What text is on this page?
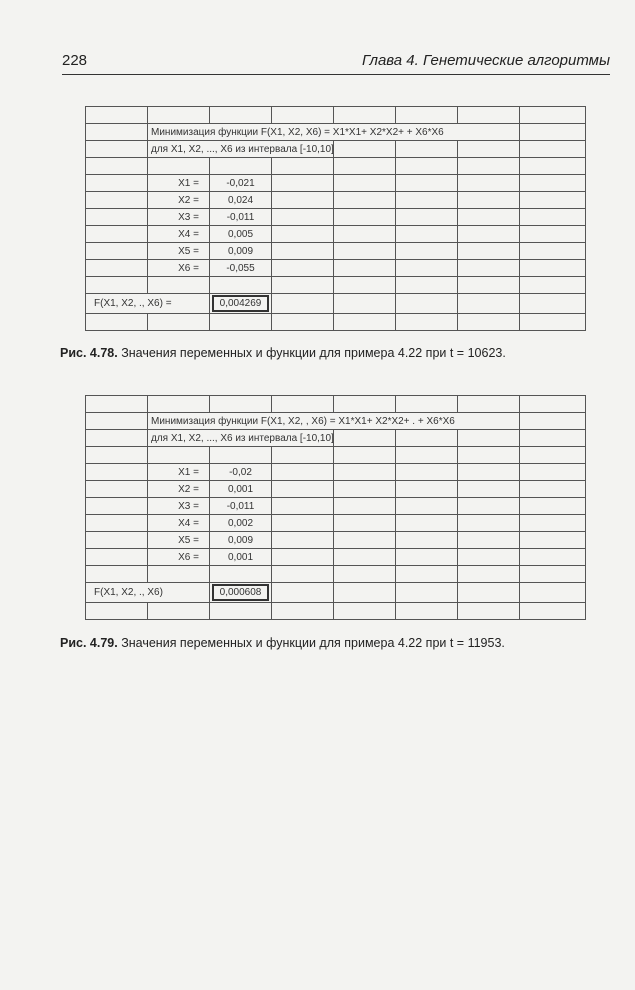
228	Глава 4. Генетические алгоритмы

	Минимизация функции F(X1, X2, X6) = X1*X1+ X2*X2+ + X6*X6						
	для X1, X2, ..., X6 из интервала [-10,10]						

	X1 =	-0,021					
	X2 =	0,024					
	X3 =	-0,011					
	X4 =	0,005					
	X5 =	0,009					
	X6 =	-0,055					

F(X1, X2, ., X6) =		0,004269					

Рис. 4.78. Значения переменных и функции для примера 4.22 при t = 10623.

	Минимизация функции F(X1, X2, , X6) = X1*X1+ X2*X2+ . + X6*X6						
	для X1, X2, ..., X6 из интервала [-10,10]						

	X1 =	-0,02					
	X2 =	0,001					
	X3 =	-0,011					
	X4 =	0,002					
	X5 =	0,009					
	X6 =	0,001					

F(X1, X2, ., X6)		0,000608					

Рис. 4.79. Значения переменных и функции для примера 4.22 при t = 11953.
